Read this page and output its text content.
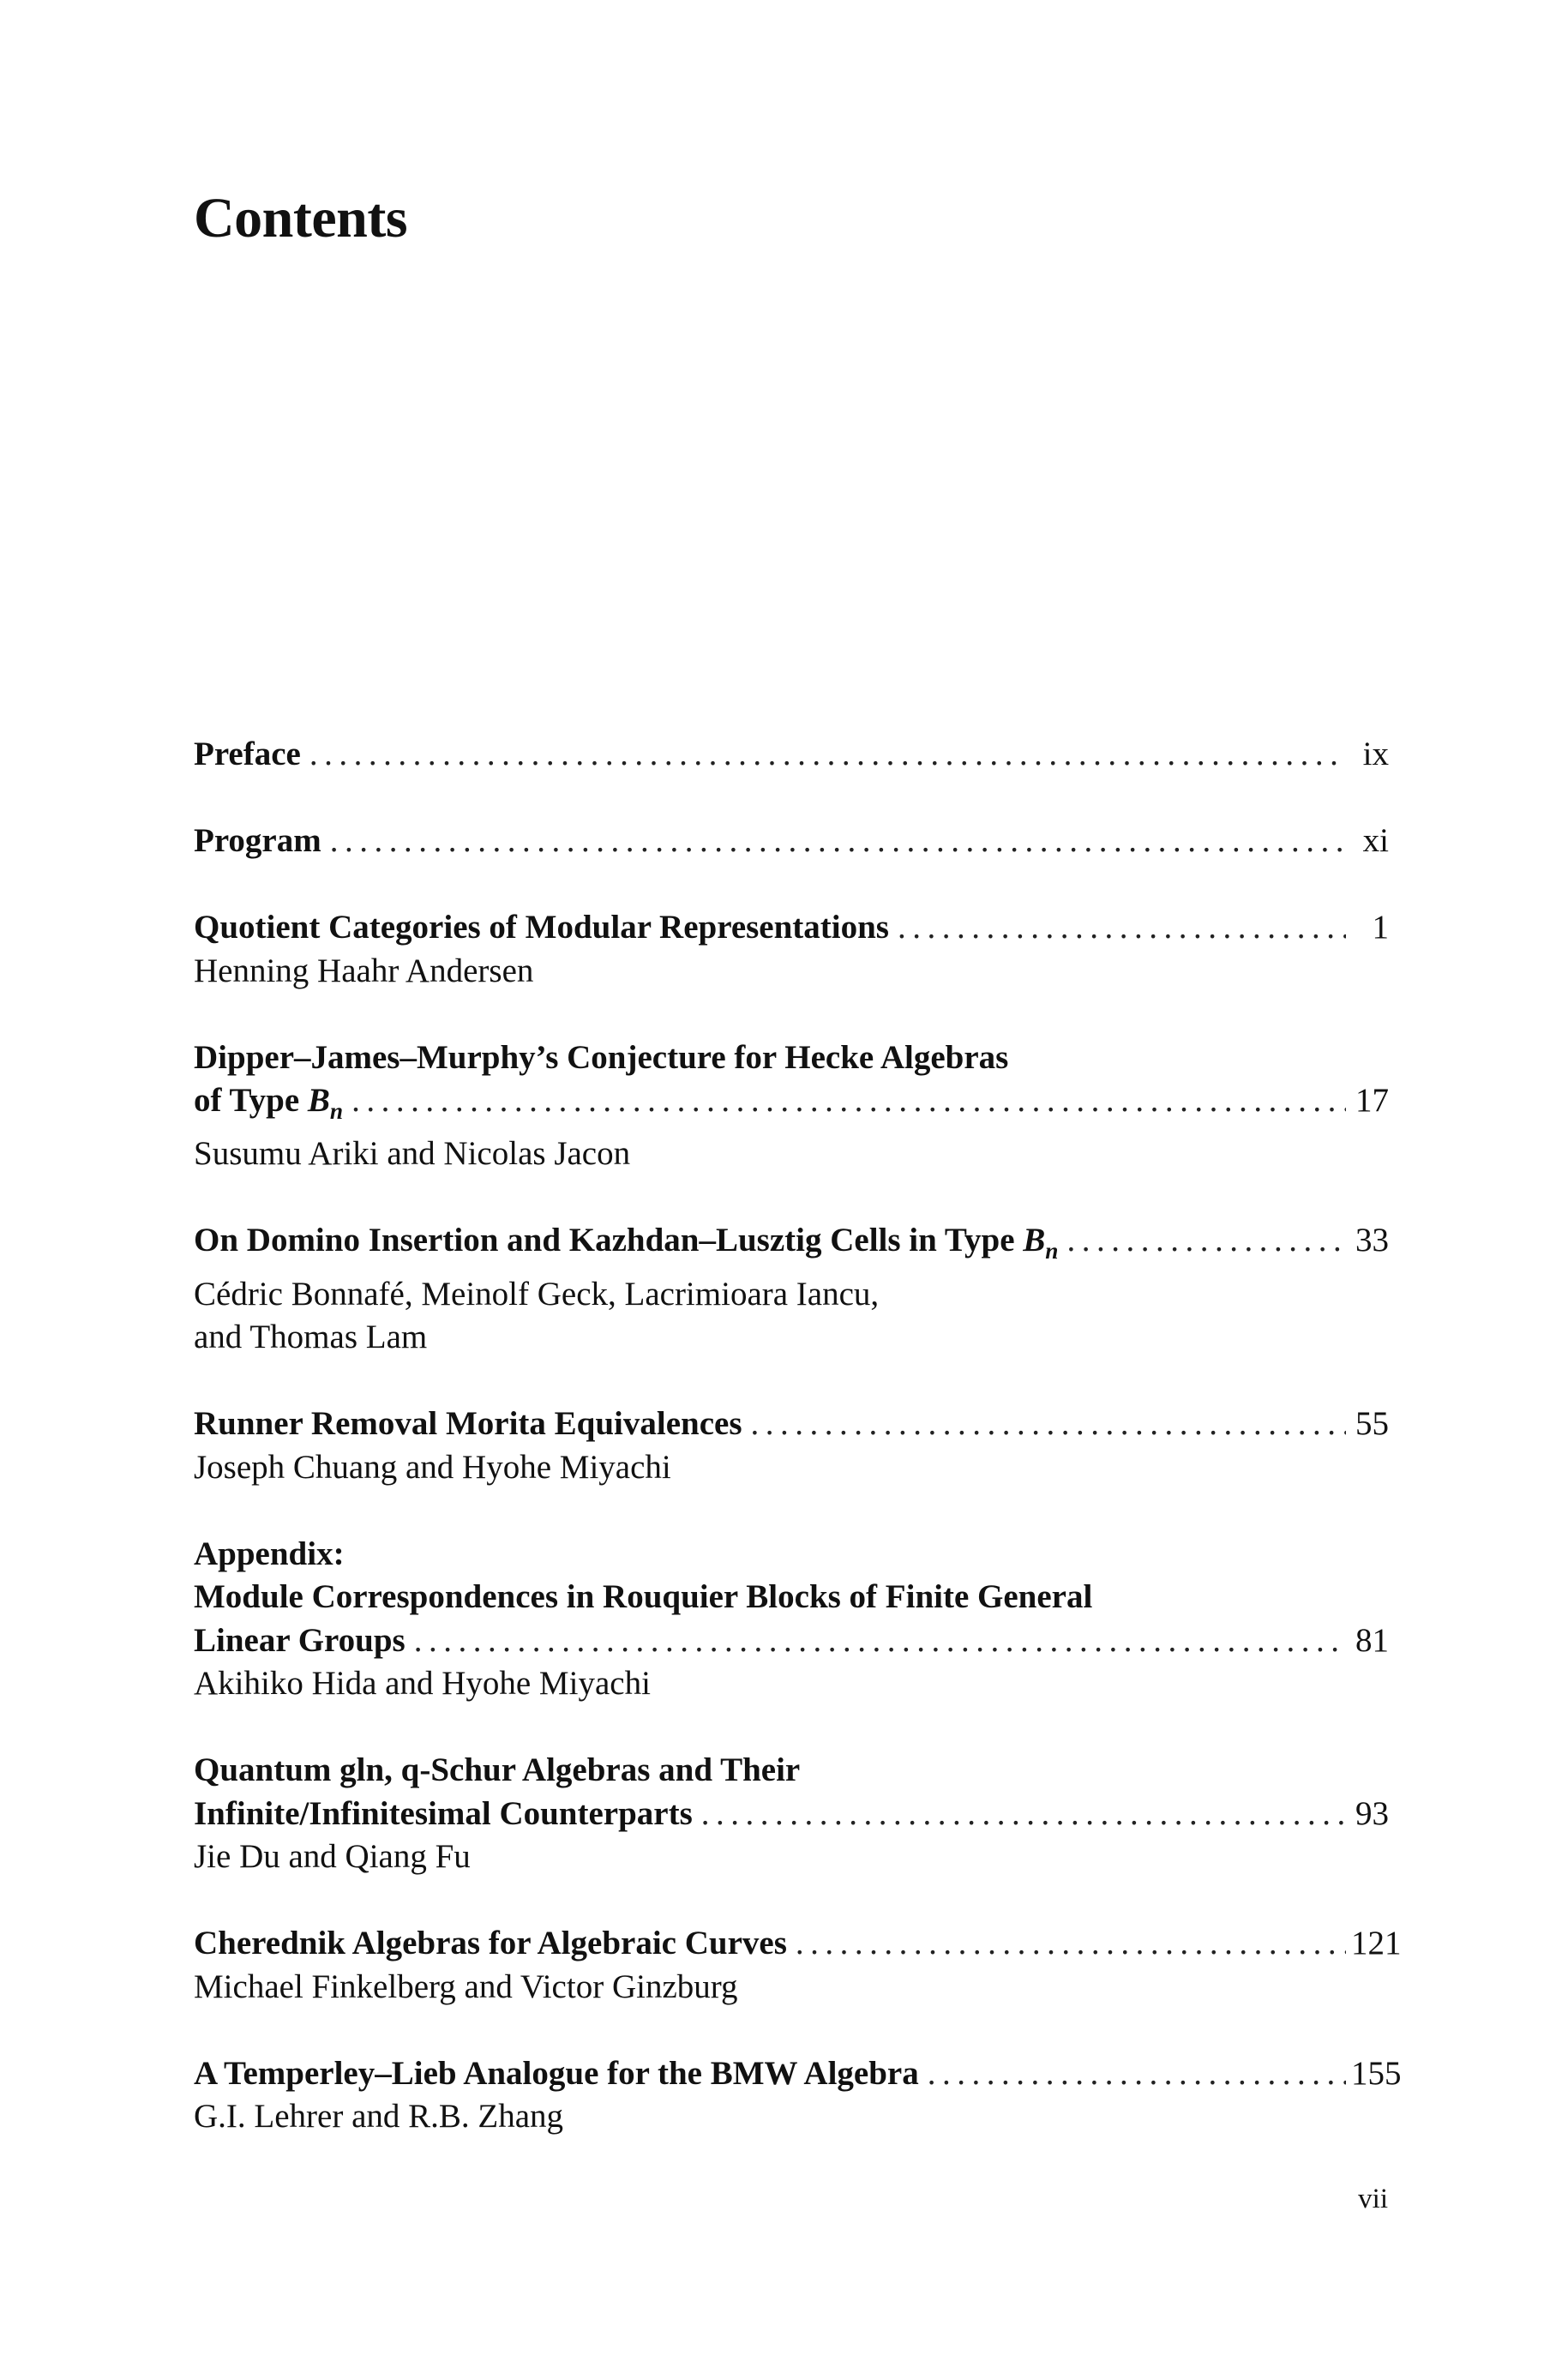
Contents
Preface .....	ix
Program .....	xi
Quotient Categories of Modular Representations .....	1
Henning Haahr Andersen
Dipper–James–Murphy’s Conjecture for Hecke Algebras
of Type $B_n$ .....	17
Susumu Ariki and Nicolas Jacon
On Domino Insertion and Kazhdan–Lusztig Cells in Type $B_n$ .....	33
Cédric Bonnafé, Meinolf Geck, Lacrimioara Iancu,
and Thomas Lam
Runner Removal Morita Equivalences .....	55
Joseph Chuang and Hyohe Miyachi
Appendix:
Module Correspondences in Rouquier Blocks of Finite General
Linear Groups .....	81
Akihiko Hida and Hyohe Miyachi
Quantum gln, q-Schur Algebras and Their
Infinite/Infinitesimal Counterparts .....	93
Jie Du and Qiang Fu
Cherednik Algebras for Algebraic Curves .....	121
Michael Finkelberg and Victor Ginzburg
A Temperley–Lieb Analogue for the BMW Algebra .....	155
G.I. Lehrer and R.B. Zhang
vii
